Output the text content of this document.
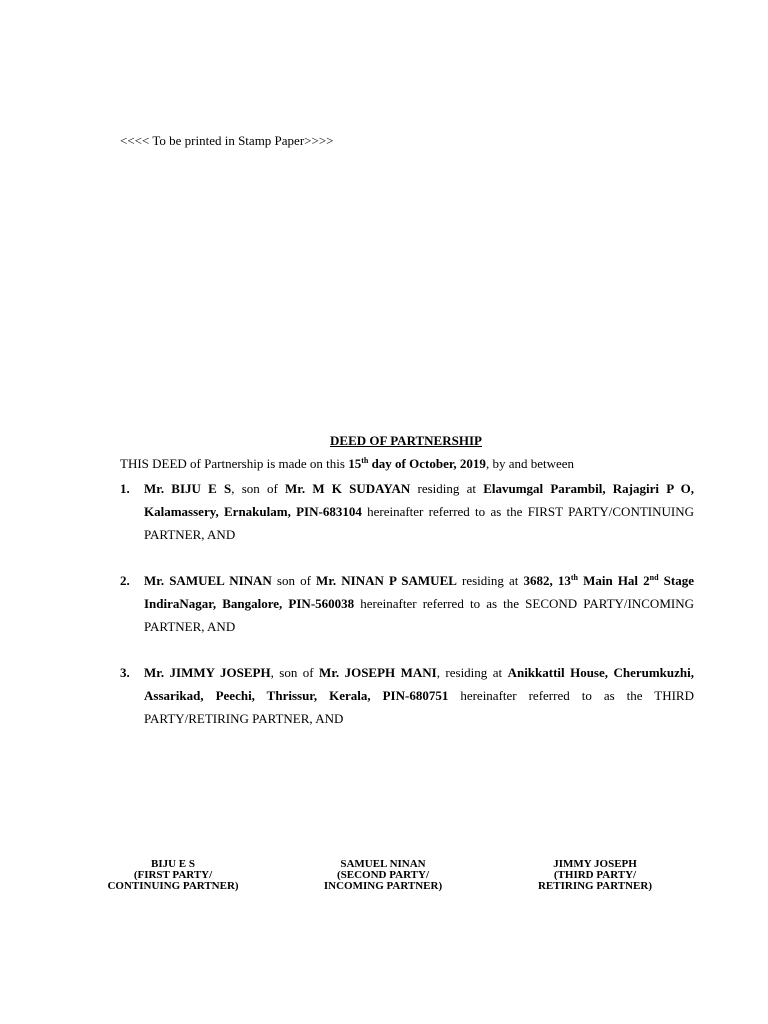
<<<< To be printed in Stamp Paper>>>>
DEED OF PARTNERSHIP
THIS DEED of Partnership is made on this 15th day of October, 2019, by and between
1. Mr. BIJU E S, son of Mr. M K SUDAYAN residing at Elavumgal Parambil, Rajagiri P O, Kalamassery, Ernakulam, PIN-683104 hereinafter referred to as the FIRST PARTY/CONTINUING PARTNER, AND
2. Mr. SAMUEL NINAN son of Mr. NINAN P SAMUEL residing at 3682, 13th Main Hal 2nd Stage IndiraNagar, Bangalore, PIN-560038 hereinafter referred to as the SECOND PARTY/INCOMING PARTNER, AND
3. Mr. JIMMY JOSEPH, son of Mr. JOSEPH MANI, residing at Anikkattil House, Cherumkuzhi, Assarikad, Peechi, Thrissur, Kerala, PIN-680751 hereinafter referred to as the THIRD PARTY/RETIRING PARTNER, AND
BIJU E S
(FIRST PARTY/
CONTINUING PARTNER)
SAMUEL NINAN
(SECOND PARTY/
INCOMING PARTNER)
JIMMY JOSEPH
(THIRD PARTY/
RETIRING PARTNER)
